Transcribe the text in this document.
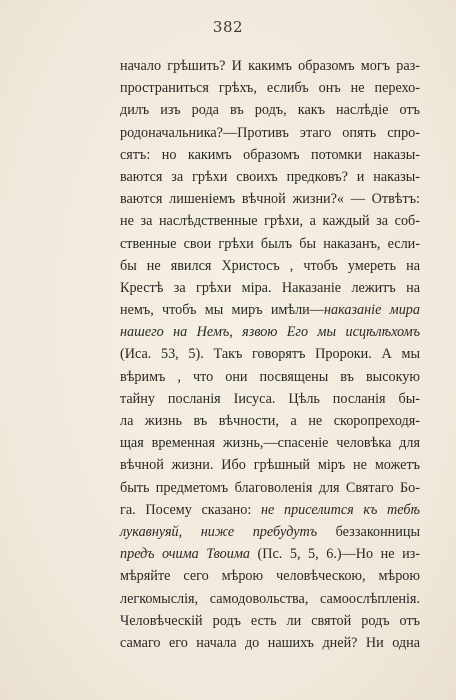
382
начало грѣшить? И какимъ образомъ могъ раз-
пространиться грѣхъ, еслибъ онъ не перехо-
дилъ изъ рода въ родъ, какъ наслѣдіе отъ
родоначальника?—Противъ этаго опять спро-
сятъ: но какимъ образомъ потомки наказы-
ваются за грѣхи своихъ предковъ? и наказы-
ваются лишеніемъ вѣчной жизни?« — Отвѣтъ:
не за наслѣдственные грѣхи, а каждый за соб-
ственные свои грѣхи былъ бы наказанъ, если-
бы не явился Христосъ , чтобъ умереть на
Крестѣ за грѣхи міра. Наказаніе лежитъ на
немъ, чтобъ мы миръ имѣли—наказаніе мира
нашего на Немъ, язвою Его мы исцѣлѣхомъ
(Иса. 53, 5). Такъ говорятъ Пророки. А мы
вѣримъ , что они посвящены въ высокую
тайну посланія Іисуса. Цѣль посланія бы-
ла жизнь въ вѣчности, а не скоропреходя-
щая временная жизнь,—спасеніе человѣка для
вѣчной жизни. Ибо грѣшный міръ не можетъ
быть предметомъ благоволенія для Святаго Бо-
га. Посему сказано: не приселится къ тебѣ
лукавнуяй, ниже пребудутъ беззаконницы
предъ очима Твоима (Пс. 5, 5, 6.)—Но не из-
мѣряйте сего мѣрою человѣческою, мѣрою
легкомыслія, самодовольства, самоослѣпленія.
Человѣческій родъ есть ли святой родъ отъ
самаго его начала до нашихъ дней? Ни одна
